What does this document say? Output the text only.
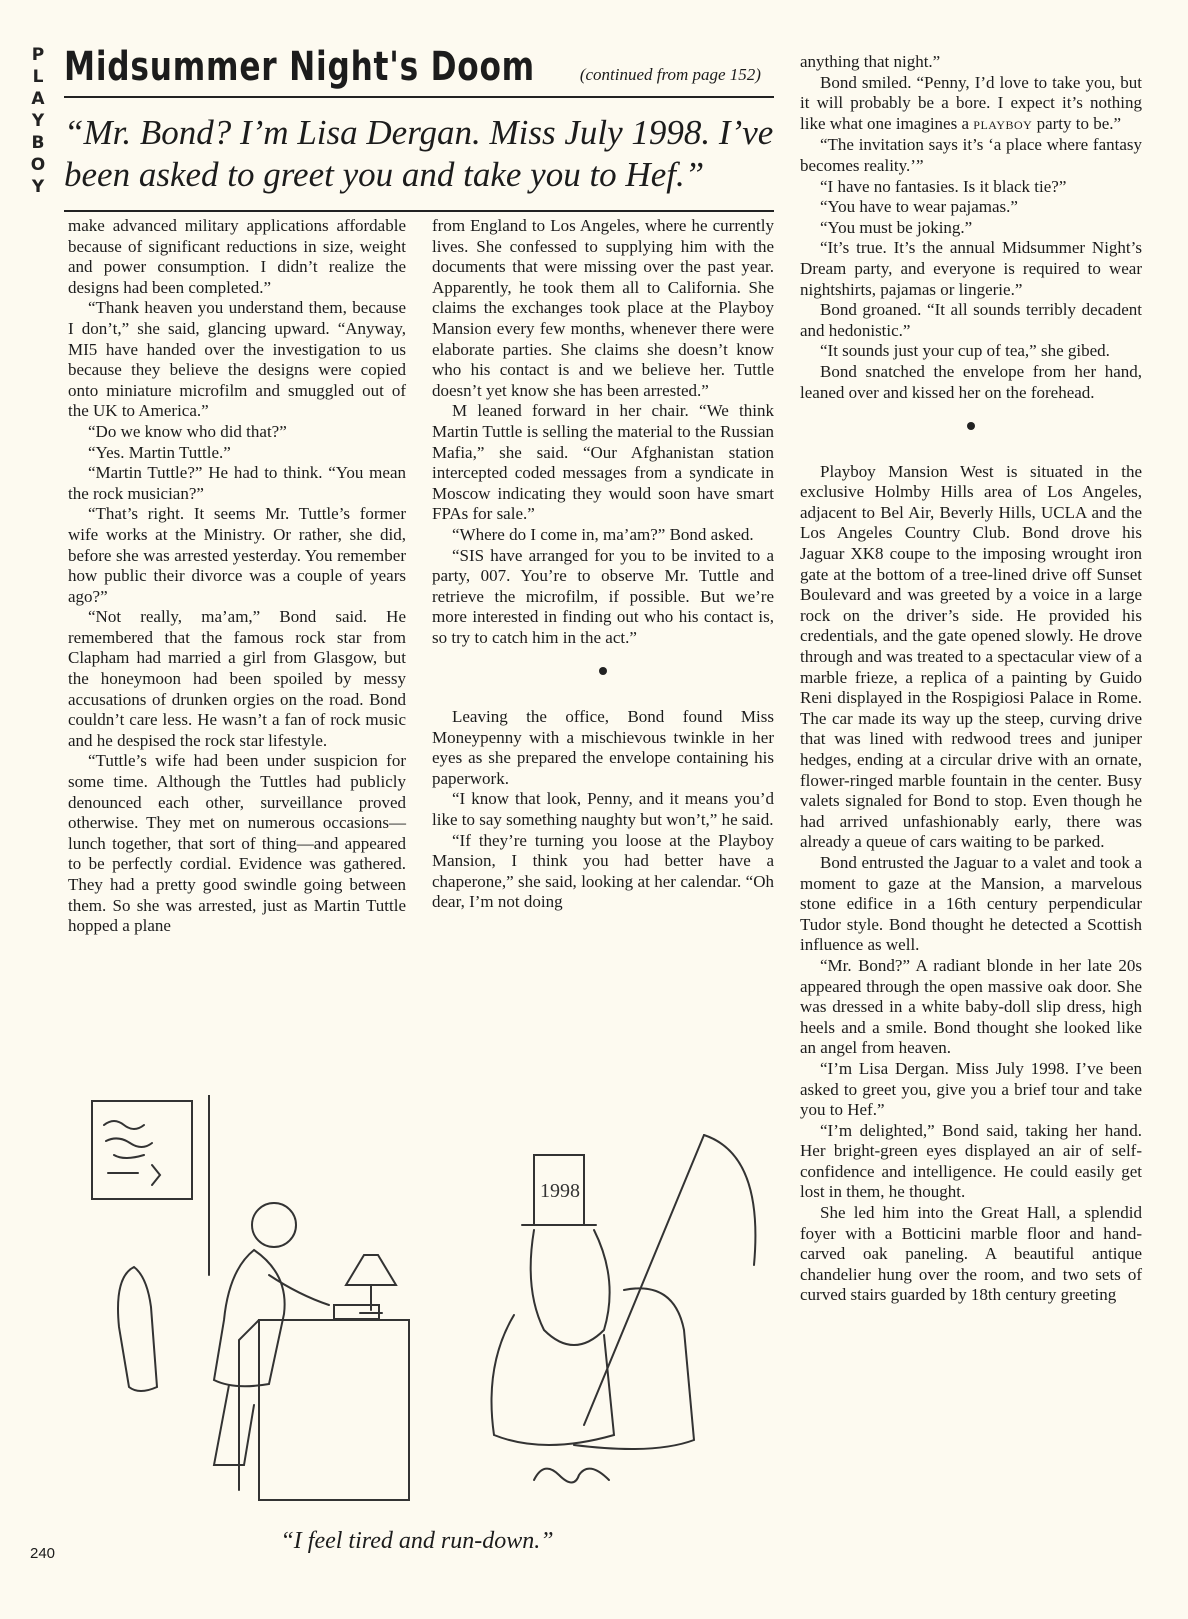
P
L
A
Y
B
O
Y
Midsummer Night's Doom	(continued from page 152)
“Mr. Bond? I’m Lisa Dergan. Miss July 1998. I’ve been asked to greet you and take you to Hef.”

make advanced military applications affordable because of significant reductions in size, weight and power consumption. I didn’t realize the designs had been completed.”

“Thank heaven you understand them, because I don’t,” she said, glancing upward. “Anyway, MI5 have handed over the investigation to us because they believe the designs were copied onto miniature microfilm and smuggled out of the UK to America.”

“Do we know who did that?”

“Yes. Martin Tuttle.”

“Martin Tuttle?” He had to think. “You mean the rock musician?”

“That’s right. It seems Mr. Tuttle’s former wife works at the Ministry. Or rather, she did, before she was arrested yesterday. You remember how public their divorce was a couple of years ago?”

“Not really, ma’am,” Bond said. He remembered that the famous rock star from Clapham had married a girl from Glasgow, but the honeymoon had been spoiled by messy accusations of drunken orgies on the road. Bond couldn’t care less. He wasn’t a fan of rock music and he despised the rock star lifestyle.

“Tuttle’s wife had been under suspicion for some time. Although the Tuttles had publicly denounced each other, surveillance proved otherwise. They met on numerous occasions—lunch together, that sort of thing—and appeared to be perfectly cordial. Evidence was gathered. They had a pretty good swindle going between them. So she was arrested, just as Martin Tuttle hopped a plane

from England to Los Angeles, where he currently lives. She confessed to supplying him with the documents that were missing over the past year. Apparently, he took them all to California. She claims the exchanges took place at the Playboy Mansion every few months, whenever there were elaborate parties. She claims she doesn’t know who his contact is and we believe her. Tuttle doesn’t yet know she has been arrested.”

M leaned forward in her chair. “We think Martin Tuttle is selling the material to the Russian Mafia,” she said. “Our Afghanistan station intercepted coded messages from a syndicate in Moscow indicating they would soon have smart FPAs for sale.”

“Where do I come in, ma’am?” Bond asked.

“SIS have arranged for you to be invited to a party, 007. You’re to observe Mr. Tuttle and retrieve the microfilm, if possible. But we’re more interested in finding out who his contact is, so try to catch him in the act.”

Leaving the office, Bond found Miss Moneypenny with a mischievous twinkle in her eyes as she prepared the envelope containing his paperwork.

“I know that look, Penny, and it means you’d like to say something naughty but won’t,” he said.

“If they’re turning you loose at the Playboy Mansion, I think you had better have a chaperone,” she said, looking at her calendar. “Oh dear, I’m not doing

anything that night.”

Bond smiled. “Penny, I’d love to take you, but it will probably be a bore. I expect it’s nothing like what one imagines a PLAYBOY party to be.”

“The invitation says it’s ‘a place where fantasy becomes reality.’”

“I have no fantasies. Is it black tie?”

“You have to wear pajamas.”

“You must be joking.”

“It’s true. It’s the annual Midsummer Night’s Dream party, and everyone is required to wear nightshirts, pajamas or lingerie.”

Bond groaned. “It all sounds terribly decadent and hedonistic.”

“It sounds just your cup of tea,” she gibed.

Bond snatched the envelope from her hand, leaned over and kissed her on the forehead.

Playboy Mansion West is situated in the exclusive Holmby Hills area of Los Angeles, adjacent to Bel Air, Beverly Hills, UCLA and the Los Angeles Country Club. Bond drove his Jaguar XK8 coupe to the imposing wrought iron gate at the bottom of a tree-lined drive off Sunset Boulevard and was greeted by a voice in a large rock on the driver’s side. He provided his credentials, and the gate opened slowly. He drove through and was treated to a spectacular view of a marble frieze, a replica of a painting by Guido Reni displayed in the Rospigiosi Palace in Rome. The car made its way up the steep, curving drive that was lined with redwood trees and juniper hedges, ending at a circular drive with an ornate, flower-ringed marble fountain in the center. Busy valets signaled for Bond to stop. Even though he had arrived unfashionably early, there was already a queue of cars waiting to be parked.

Bond entrusted the Jaguar to a valet and took a moment to gaze at the Mansion, a marvelous stone edifice in a 16th century perpendicular Tudor style. Bond thought he detected a Scottish influence as well.

“Mr. Bond?” A radiant blonde in her late 20s appeared through the open massive oak door. She was dressed in a white baby-doll slip dress, high heels and a smile. Bond thought she looked like an angel from heaven.

“I’m Lisa Dergan. Miss July 1998. I’ve been asked to greet you, give you a brief tour and take you to Hef.”

“I’m delighted,” Bond said, taking her hand. Her bright-green eyes displayed an air of self-confidence and intelligence. He could easily get lost in them, he thought.

She led him into the Great Hall, a splendid foyer with a Botticini marble floor and hand-carved oak paneling. A beautiful antique chandelier hung over the room, and two sets of curved stairs guarded by 18th century greeting

1998
“I feel tired and run-down.”
240
